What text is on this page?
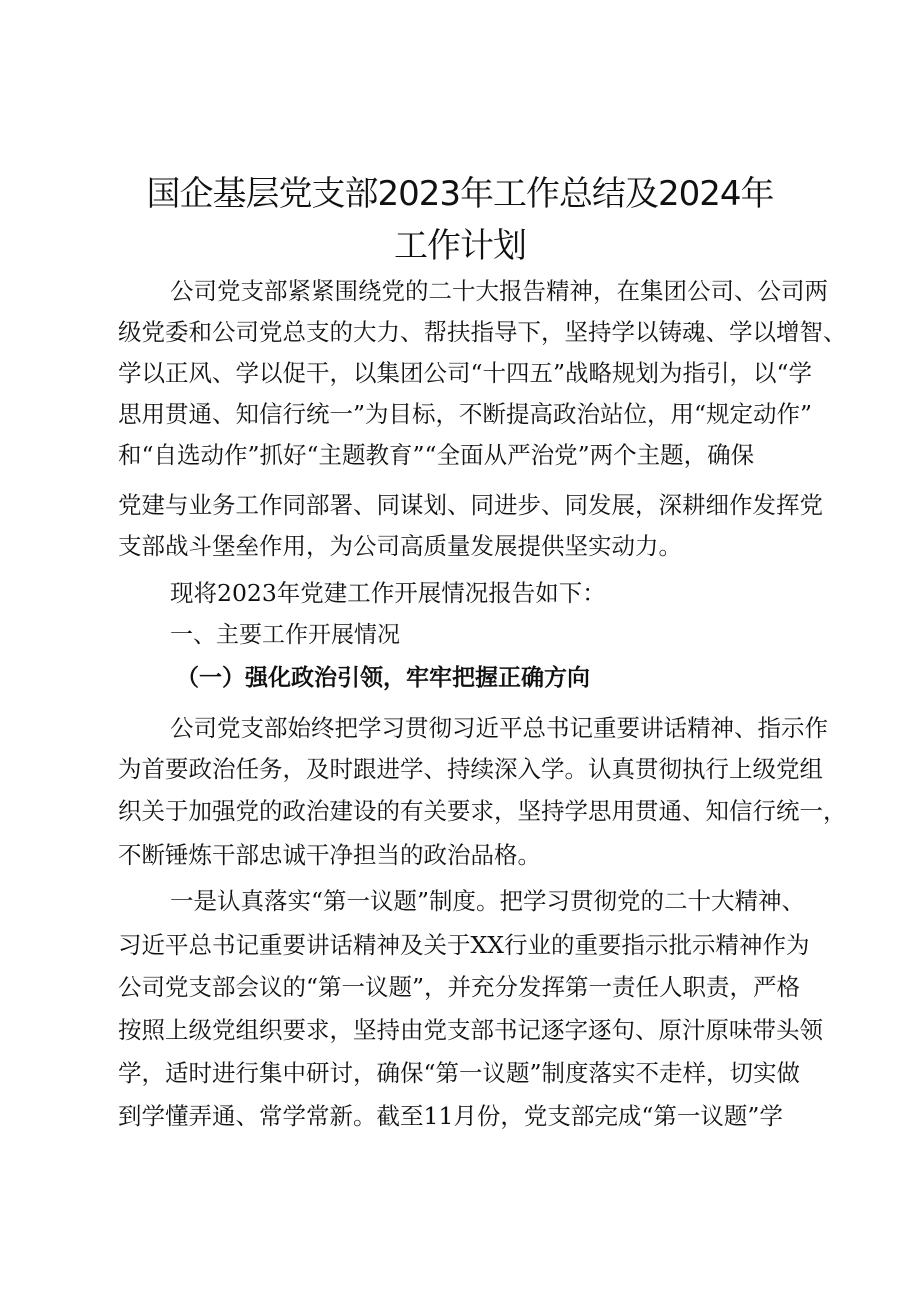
国企基层党支部2023年工作总结及2024年
工作计划
公司党支部紧紧围绕党的二十大报告精神，在集团公司、公司两
级党委和公司党总支的大力、帮扶指导下，坚持学以铸魂、学以增智、
学以正风、学以促干，以集团公司“十四五”战略规划为指引，以“学
思用贯通、知信行统一”为目标，不断提高政治站位，用“规定动作”
和“自选动作”抓好“主题教育”“全面从严治党”两个主题，确保
党建与业务工作同部署、同谋划、同进步、同发展，深耕细作发挥党
支部战斗堡垒作用，为公司高质量发展提供坚实动力。
现将2023年党建工作开展情况报告如下：
一、主要工作开展情况
（一）强化政治引领，牢牢把握正确方向
公司党支部始终把学习贯彻习近平总书记重要讲话精神、指示作
为首要政治任务，及时跟进学、持续深入学。认真贯彻执行上级党组
织关于加强党的政治建设的有关要求，坚持学思用贯通、知信行统一，
不断锤炼干部忠诚干净担当的政治品格。
一是认真落实“第一议题”制度。把学习贯彻党的二十大精神、
习近平总书记重要讲话精神及关于XX行业的重要指示批示精神作为
公司党支部会议的“第一议题”，并充分发挥第一责任人职责，严格
按照上级党组织要求，坚持由党支部书记逐字逐句、原汁原味带头领
学，适时进行集中研讨，确保“第一议题”制度落实不走样，切实做
到学懂弄通、常学常新。截至11月份，党支部完成“第一议题”学
